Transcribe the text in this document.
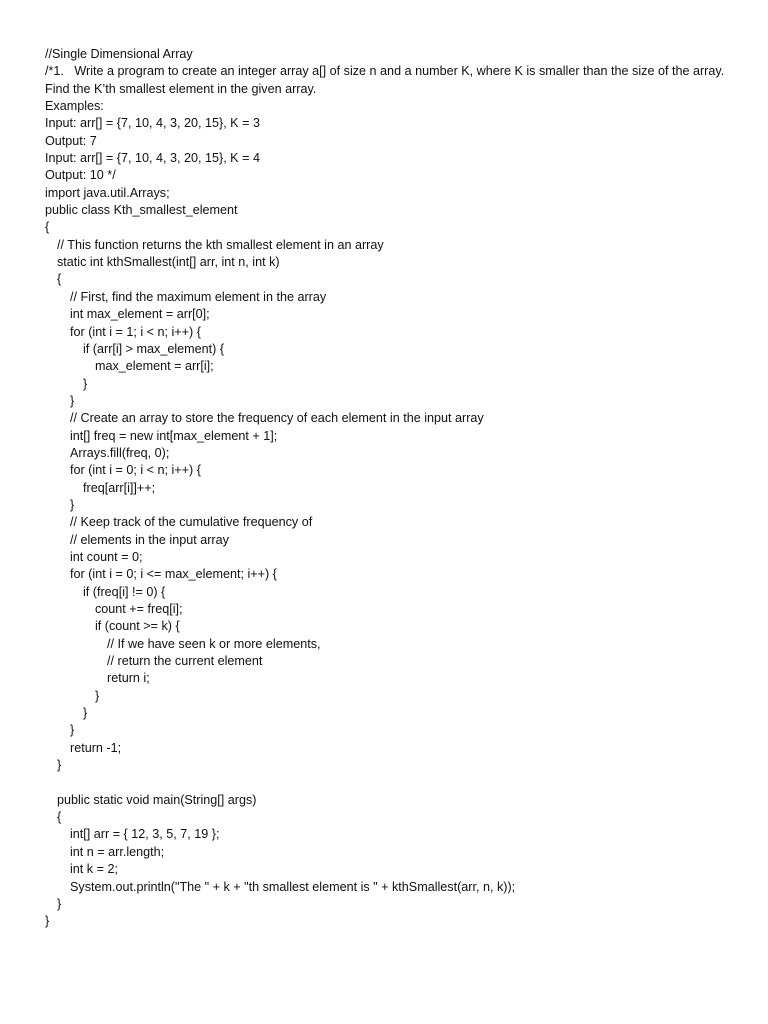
//Single Dimensional Array
/*1.   Write a program to create an integer array a[] of size n and a number K, where K is smaller than the size of the array.
Find the K’th smallest element in the given array.
Examples:
Input: arr[] = {7, 10, 4, 3, 20, 15}, K = 3
Output: 7
Input: arr[] = {7, 10, 4, 3, 20, 15}, K = 4
Output: 10 */
import java.util.Arrays;
public class Kth_smallest_element
{
// This function returns the kth smallest element in an array
static int kthSmallest(int[] arr, int n, int k)
{
// First, find the maximum element in the array
int max_element = arr[0];
for (int i = 1; i < n; i++) {
if (arr[i] > max_element) {
max_element = arr[i];
}
}
// Create an array to store the frequency of each element in the input array
int[] freq = new int[max_element + 1];
Arrays.fill(freq, 0);
for (int i = 0; i < n; i++) {
freq[arr[i]]++;
}
// Keep track of the cumulative frequency of
// elements in the input array
int count = 0;
for (int i = 0; i <= max_element; i++) {
if (freq[i] != 0) {
count += freq[i];
if (count >= k) {
// If we have seen k or more elements,
// return the current element
return i;
}
}
}
return -1;
}
public static void main(String[] args)
{
int[] arr = { 12, 3, 5, 7, 19 };
int n = arr.length;
int k = 2;
System.out.println("The " + k + "th smallest element is " + kthSmallest(arr, n, k));
}
}
